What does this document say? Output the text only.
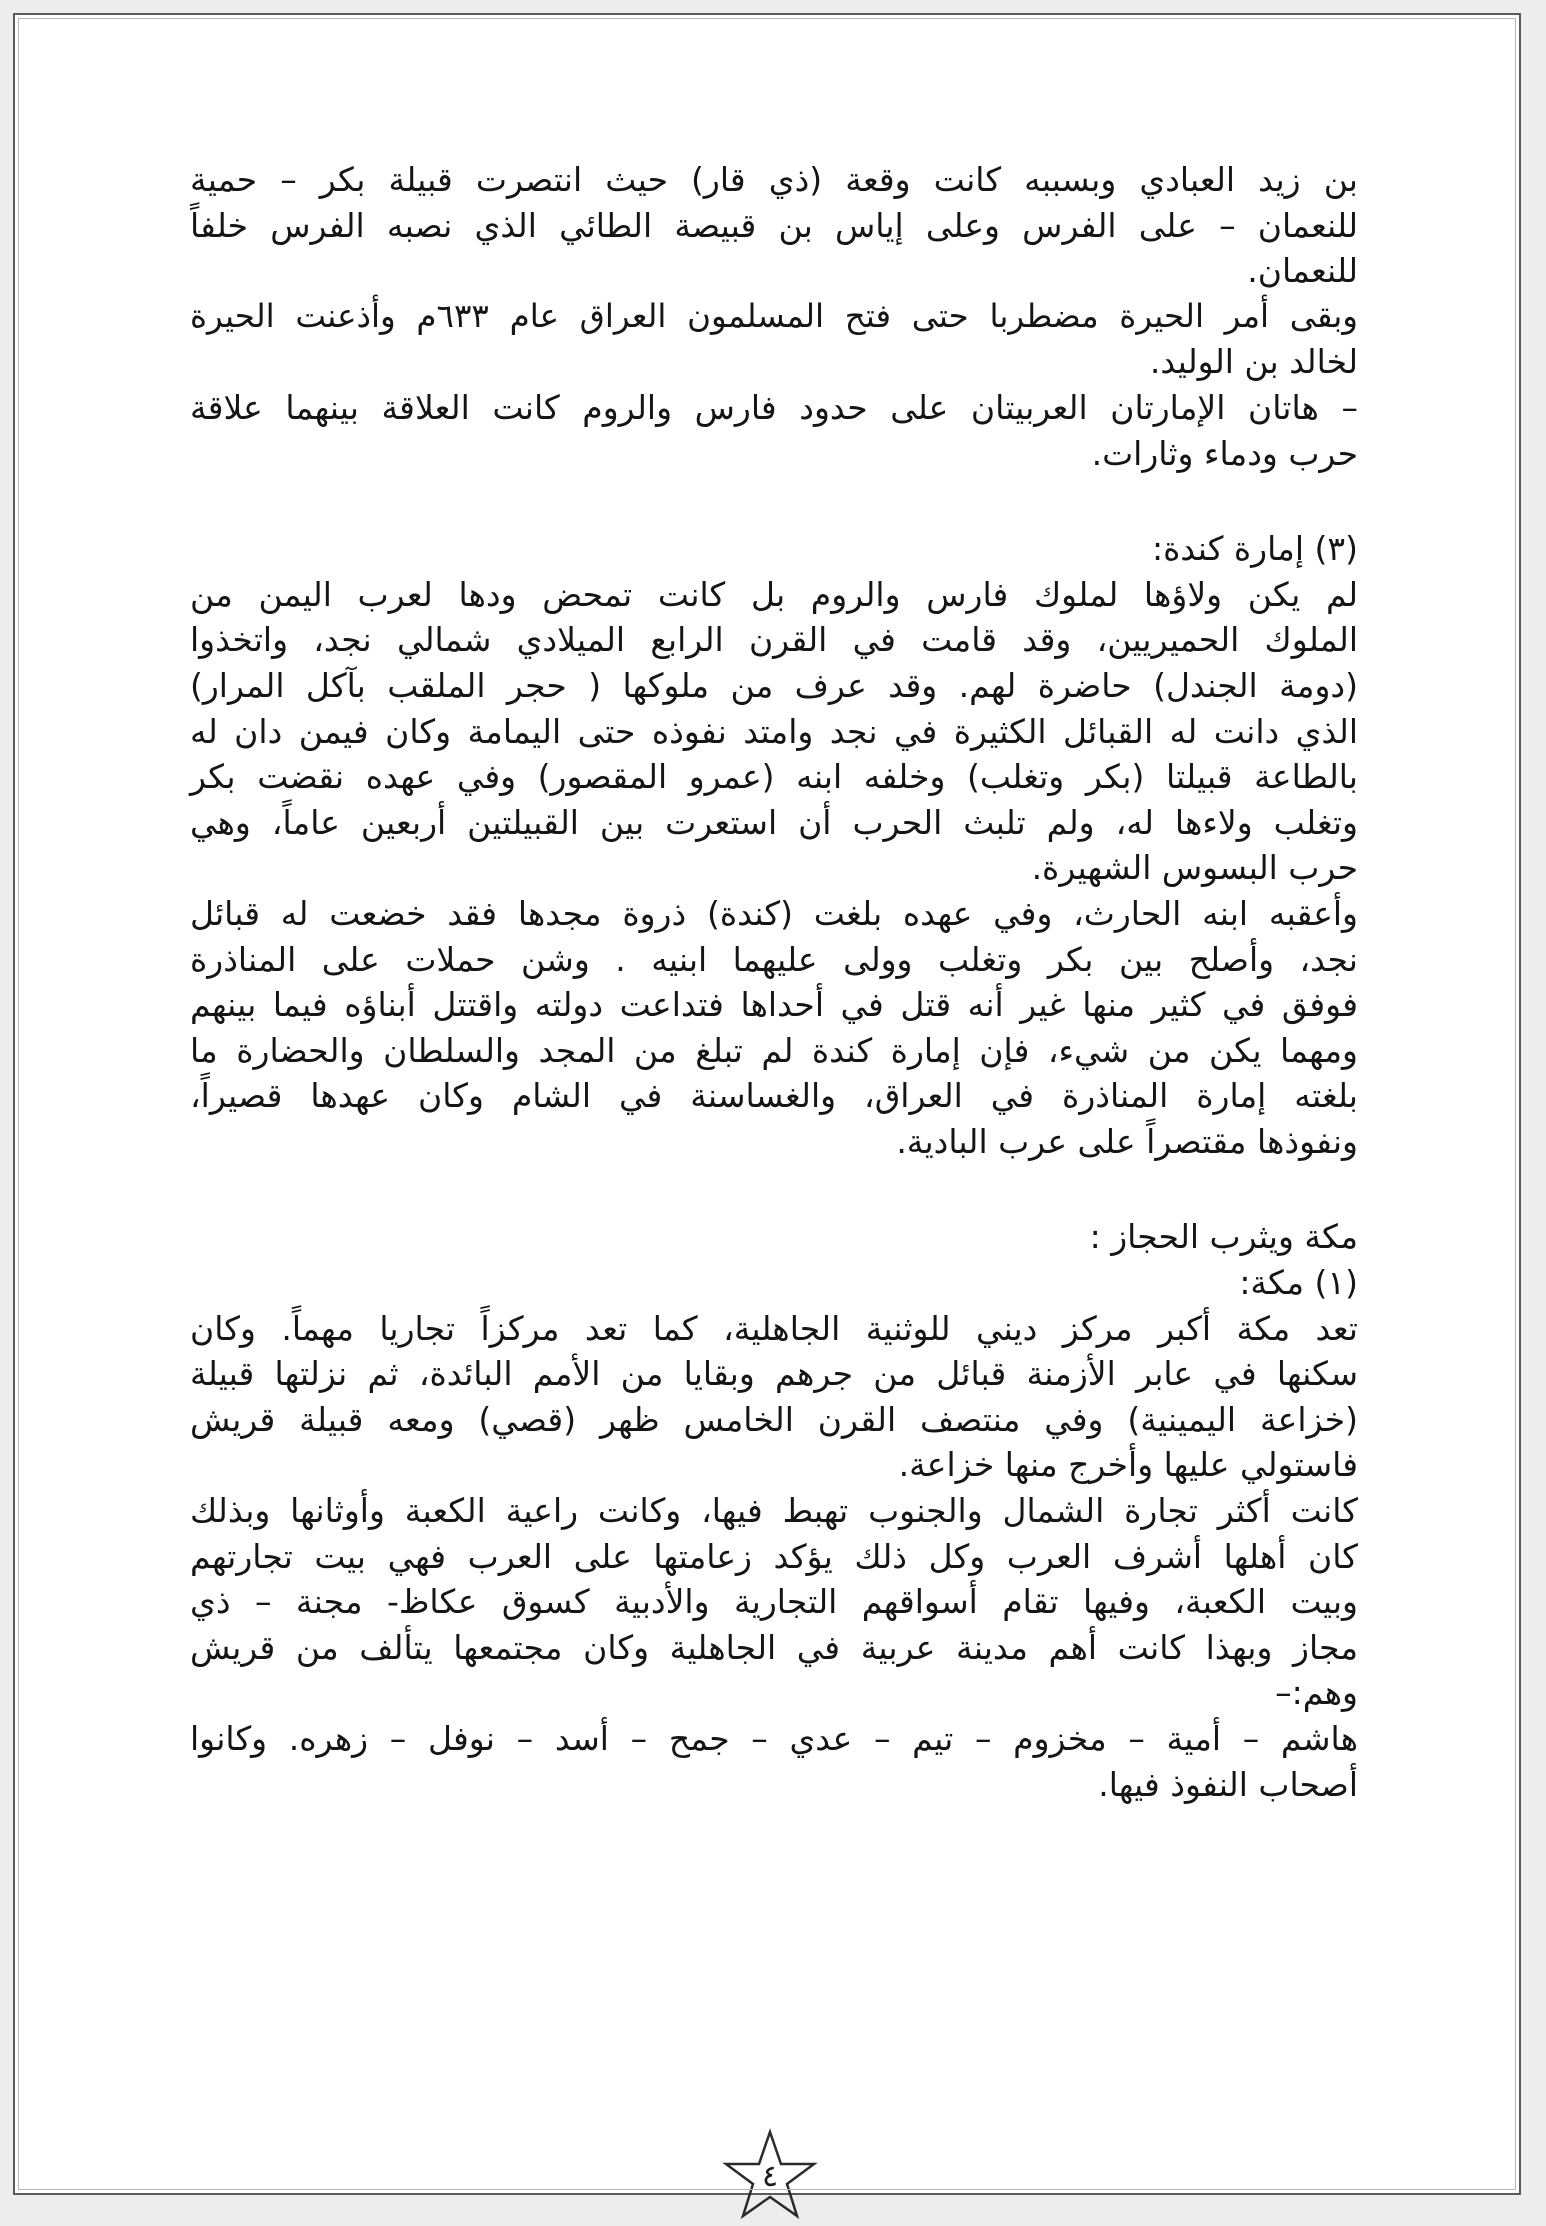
بن زيد العبادي وبسببه كانت وقعة (ذي قار) حيث انتصرت قبيلة بكر – حمية
للنعمان – على الفرس وعلى إياس بن قبيصة الطائي الذي نصبه الفرس خلفاً
للنعمان.

وبقى أمر الحيرة مضطربا حتى فتح المسلمون العراق عام ٦٣٣م وأذعنت الحيرة
لخالد بن الوليد.

– هاتان الإمارتان العربيتان على حدود فارس والروم كانت العلاقة بينهما علاقة
حرب ودماء وثارات.

(٣) إمارة كندة:

لم يكن ولاؤها لملوك فارس والروم بل كانت تمحض ودها لعرب اليمن من
الملوك الحميريين، وقد قامت في القرن الرابع الميلادي شمالي نجد، واتخذوا
(دومة الجندل) حاضرة لهم. وقد عرف من ملوكها ( حجر الملقب بآكل المرار)
الذي دانت له القبائل الكثيرة في نجد وامتد نفوذه حتى اليمامة وكان فيمن دان له
بالطاعة قبيلتا (بكر وتغلب) وخلفه ابنه (عمرو المقصور) وفي عهده نقضت بكر
وتغلب ولاءها له، ولم تلبث الحرب أن استعرت بين القبيلتين أربعين عاماً، وهي
حرب البسوس الشهيرة.

وأعقبه ابنه الحارث، وفي عهده بلغت (كندة) ذروة مجدها فقد خضعت له قبائل
نجد، وأصلح بين بكر وتغلب وولى عليهما ابنيه . وشن حملات على المناذرة
فوفق في كثير منها غير أنه قتل في أحداها فتداعت دولته واقتتل أبناؤه فيما بينهم
ومهما يكن من شيء، فإن إمارة كندة لم تبلغ من المجد والسلطان والحضارة ما
بلغته إمارة المناذرة في العراق، والغساسنة في الشام وكان عهدها قصيراً،
ونفوذها مقتصراً على عرب البادية.

مكة ويثرب الحجاز :

(١) مكة:

تعد مكة أكبر مركز ديني للوثنية الجاهلية، كما تعد مركزاً تجاريا مهماً. وكان
سكنها في عابر الأزمنة قبائل من جرهم وبقايا من الأمم البائدة، ثم نزلتها قبيلة
(خزاعة اليمينية) وفي منتصف القرن الخامس ظهر (قصي) ومعه قبيلة قريش
فاستولي عليها وأخرج منها خزاعة.

كانت أكثر تجارة الشمال والجنوب تهبط فيها، وكانت راعية الكعبة وأوثانها وبذلك
كان أهلها أشرف العرب وكل ذلك يؤكد زعامتها على العرب فهي بيت تجارتهم
وبيت الكعبة، وفيها تقام أسواقهم التجارية والأدبية كسوق عكاظ- مجنة – ذي
مجاز وبهذا كانت أهم مدينة عربية في الجاهلية وكان مجتمعها يتألف من قريش
وهم:–

هاشم – أمية – مخزوم – تيم – عدي – جمح – أسد – نوفل – زهره. وكانوا
أصحاب النفوذ فيها.

٤
